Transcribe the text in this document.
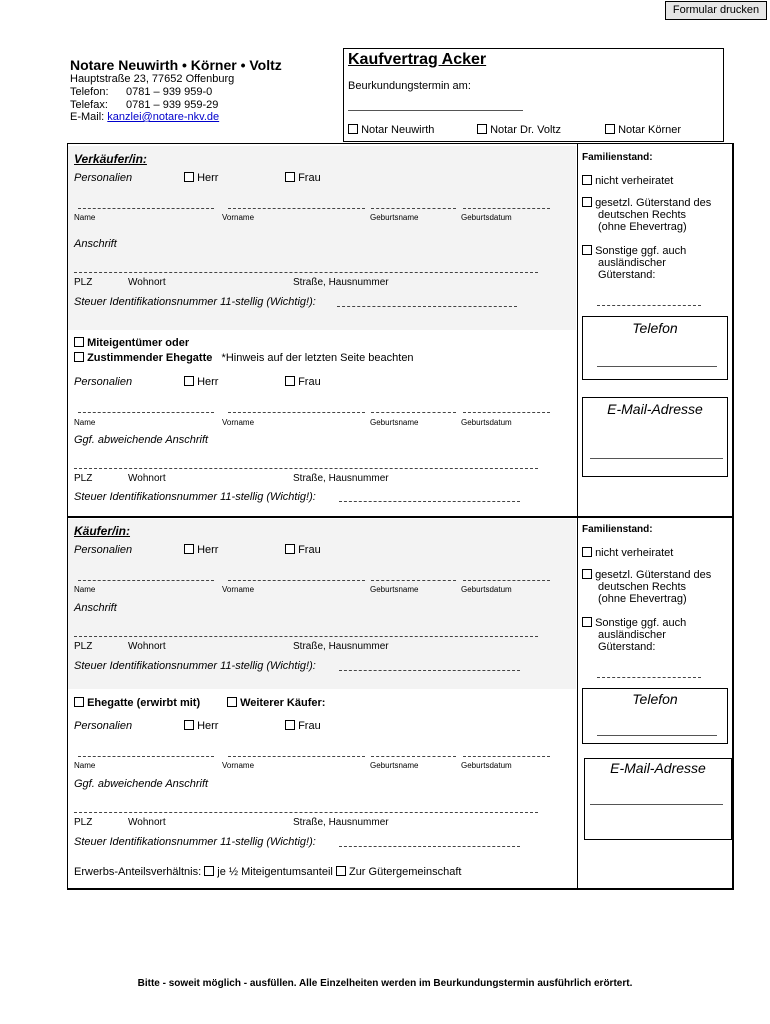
Formular drucken
Notare Neuwirth • Körner • Voltz
Hauptstraße 23, 77652 Offenburg
Telefon: 0781 – 939 959-0
Telefax: 0781 – 939 959-29
E-Mail: kanzlei@notare-nkv.de
Kaufvertrag Acker
Beurkundungstermin am:
Notar Neuwirth	Notar Dr. Voltz	Notar Körner
Verkäufer/in:
Personalien	Herr	Frau
Name	Vorname	Geburtsname	Geburtsdatum
Anschrift
PLZ	Wohnort	Straße, Hausnummer
Steuer Identifikationsnummer 11-stellig (Wichtig!):
Miteigentümer oder
Zustimmender Ehegatte *Hinweis auf der letzten Seite beachten
Personalien	Herr	Frau
Name	Vorname	Geburtsname	Geburtsdatum
Ggf. abweichende Anschrift
PLZ	Wohnort	Straße, Hausnummer
Steuer Identifikationsnummer 11-stellig (Wichtig!):
Familienstand:
nicht verheiratet
gesetzl. Güterstand des
deutschen Rechts
(ohne Ehevertrag)
Sonstige ggf. auch
ausländischer
Güterstand:
Telefon
E-Mail-Adresse
Käufer/in:
Personalien	Herr	Frau
Name	Vorname	Geburtsname	Geburtsdatum
Anschrift
PLZ	Wohnort	Straße, Hausnummer
Steuer Identifikationsnummer 11-stellig (Wichtig!):
Ehegatte (erwirbt mit)	Weiterer Käufer:
Personalien	Herr	Frau
Name	Vorname	Geburtsname	Geburtsdatum
Ggf. abweichende Anschrift
PLZ	Wohnort	Straße, Hausnummer
Steuer Identifikationsnummer 11-stellig (Wichtig!):
Erwerbs-Anteilsverhältnis: je ½ Miteigentumsanteil Zur Gütergemeinschaft
Familienstand:
nicht verheiratet
gesetzl. Güterstand des
deutschen Rechts
(ohne Ehevertrag)
Sonstige ggf. auch
ausländischer
Güterstand:
Telefon
E-Mail-Adresse
Bitte - soweit möglich - ausfüllen. Alle Einzelheiten werden im Beurkundungstermin ausführlich erörtert.
